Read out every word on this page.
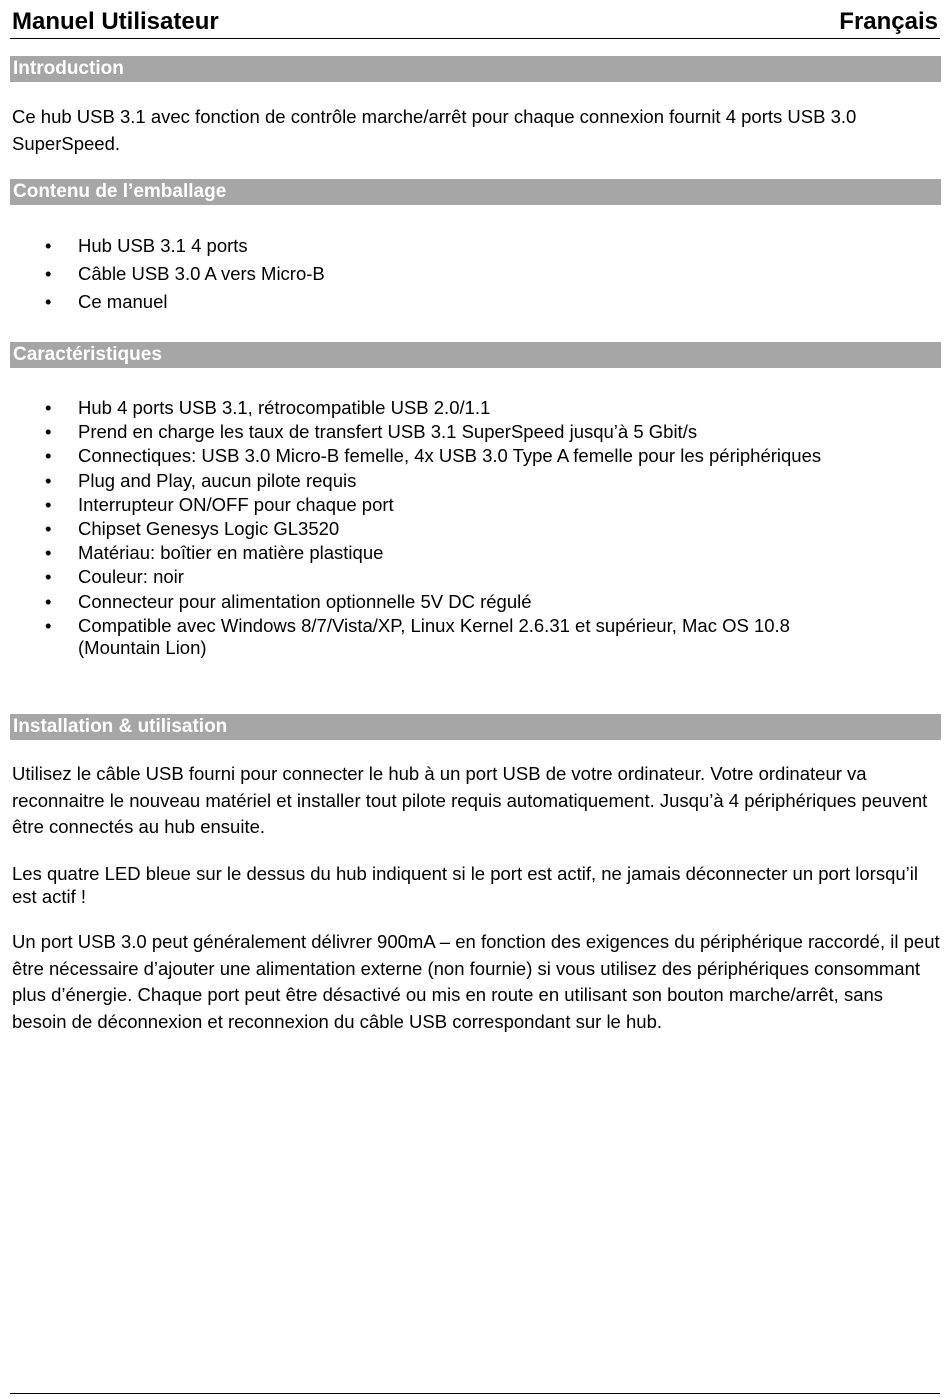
Manuel Utilisateur	Français
Introduction
Ce hub USB 3.1 avec fonction de contrôle marche/arrêt pour chaque connexion fournit 4 ports USB 3.0 SuperSpeed.
Contenu de l’emballage
• Hub USB 3.1 4 ports
• Câble USB 3.0 A vers Micro-B
• Ce manuel
Caractéristiques
• Hub 4 ports USB 3.1, rétrocompatible USB 2.0/1.1
• Prend en charge les taux de transfert USB 3.1 SuperSpeed jusqu’à 5 Gbit/s
• Connectiques: USB 3.0 Micro-B femelle, 4x USB 3.0 Type A femelle pour les périphériques
• Plug and Play, aucun pilote requis
• Interrupteur ON/OFF pour chaque port
• Chipset Genesys Logic GL3520
• Matériau: boîtier en matière plastique
• Couleur: noir
• Connecteur pour alimentation optionnelle 5V DC régulé
• Compatible avec Windows 8/7/Vista/XP, Linux Kernel 2.6.31 et supérieur, Mac OS 10.8 (Mountain Lion)
Installation & utilisation
Utilisez le câble USB fourni pour connecter le hub à un port USB de votre ordinateur. Votre ordinateur va reconnaitre le nouveau matériel et installer tout pilote requis automatiquement. Jusqu’à 4 périphériques peuvent être connectés au hub ensuite.
Les quatre LED bleue sur le dessus du hub indiquent si le port est actif, ne jamais déconnecter un port lorsqu’il est actif !
Un port USB 3.0 peut généralement délivrer 900mA – en fonction des exigences du périphérique raccordé, il peut être nécessaire d’ajouter une alimentation externe (non fournie) si vous utilisez des périphériques consommant plus d’énergie. Chaque port peut être désactivé ou mis en route en utilisant son bouton marche/arrêt, sans besoin de déconnexion et reconnexion du câble USB correspondant sur le hub.
